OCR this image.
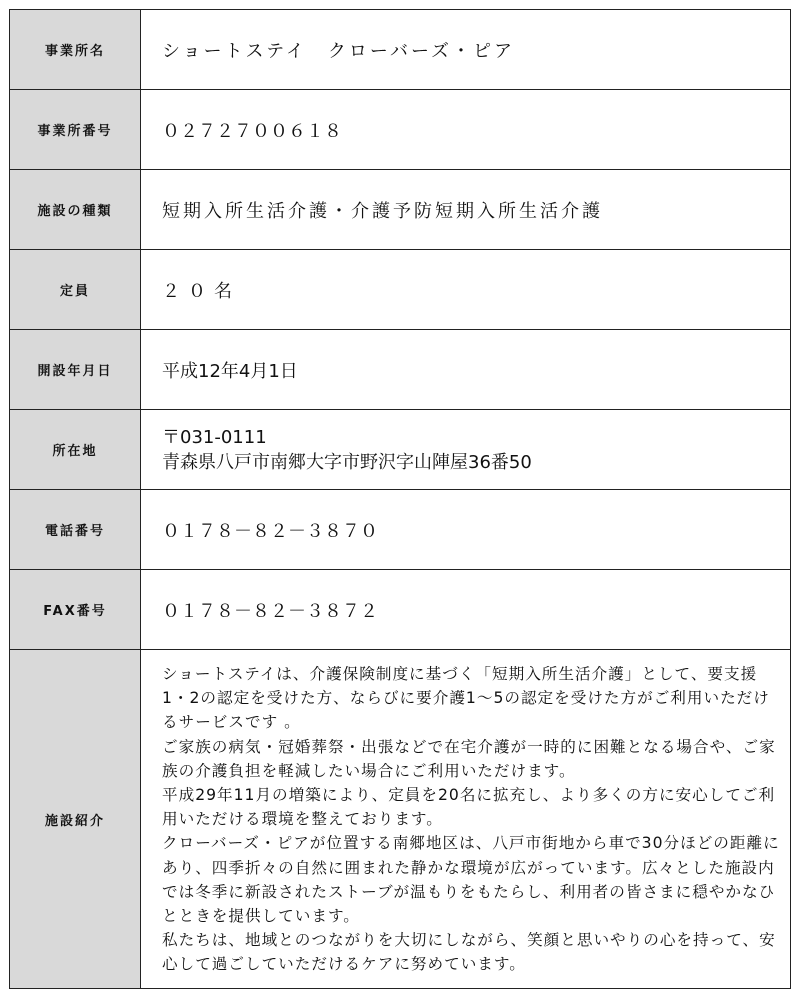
事業所名	ショートステイ　クローバーズ・ピア
事業所番号	０２７２７００６１８
施設の種類	短期入所生活介護・介護予防短期入所生活介護
定員	２０名
開設年月日	平成12年4月1日
所在地	〒031-0111
青森県八戸市南郷大字市野沢字山陣屋36番50

電話番号	０１７８－８２－３８７０
FAX番号	０１７８－８２－３８７２
施設紹介	ショートステイは、介護保険制度に基づく「短期入所生活介護」として、要支援1・2の認定を受けた方、ならびに要介護1〜5の認定を受けた方がご利用いただけるサービスです 。

ご家族の病気・冠婚葬祭・出張などで在宅介護が一時的に困難となる場合や、ご家族の介護負担を軽減したい場合にご利用いただけます。

平成29年11月の増築により、定員を20名に拡充し、より多くの方に安心してご利用いただける環境を整えております。

クローバーズ・ピアが位置する南郷地区は、八戸市街地から車で30分ほどの距離にあり、四季折々の自然に囲まれた静かな環境が広がっています。広々とした施設内では冬季に新設されたストーブが温もりをもたらし、利用者の皆さまに穏やかなひとときを提供しています。

私たちは、地域とのつながりを大切にしながら、笑顔と思いやりの心を持って、安心して過ごしていただけるケアに努めています。
